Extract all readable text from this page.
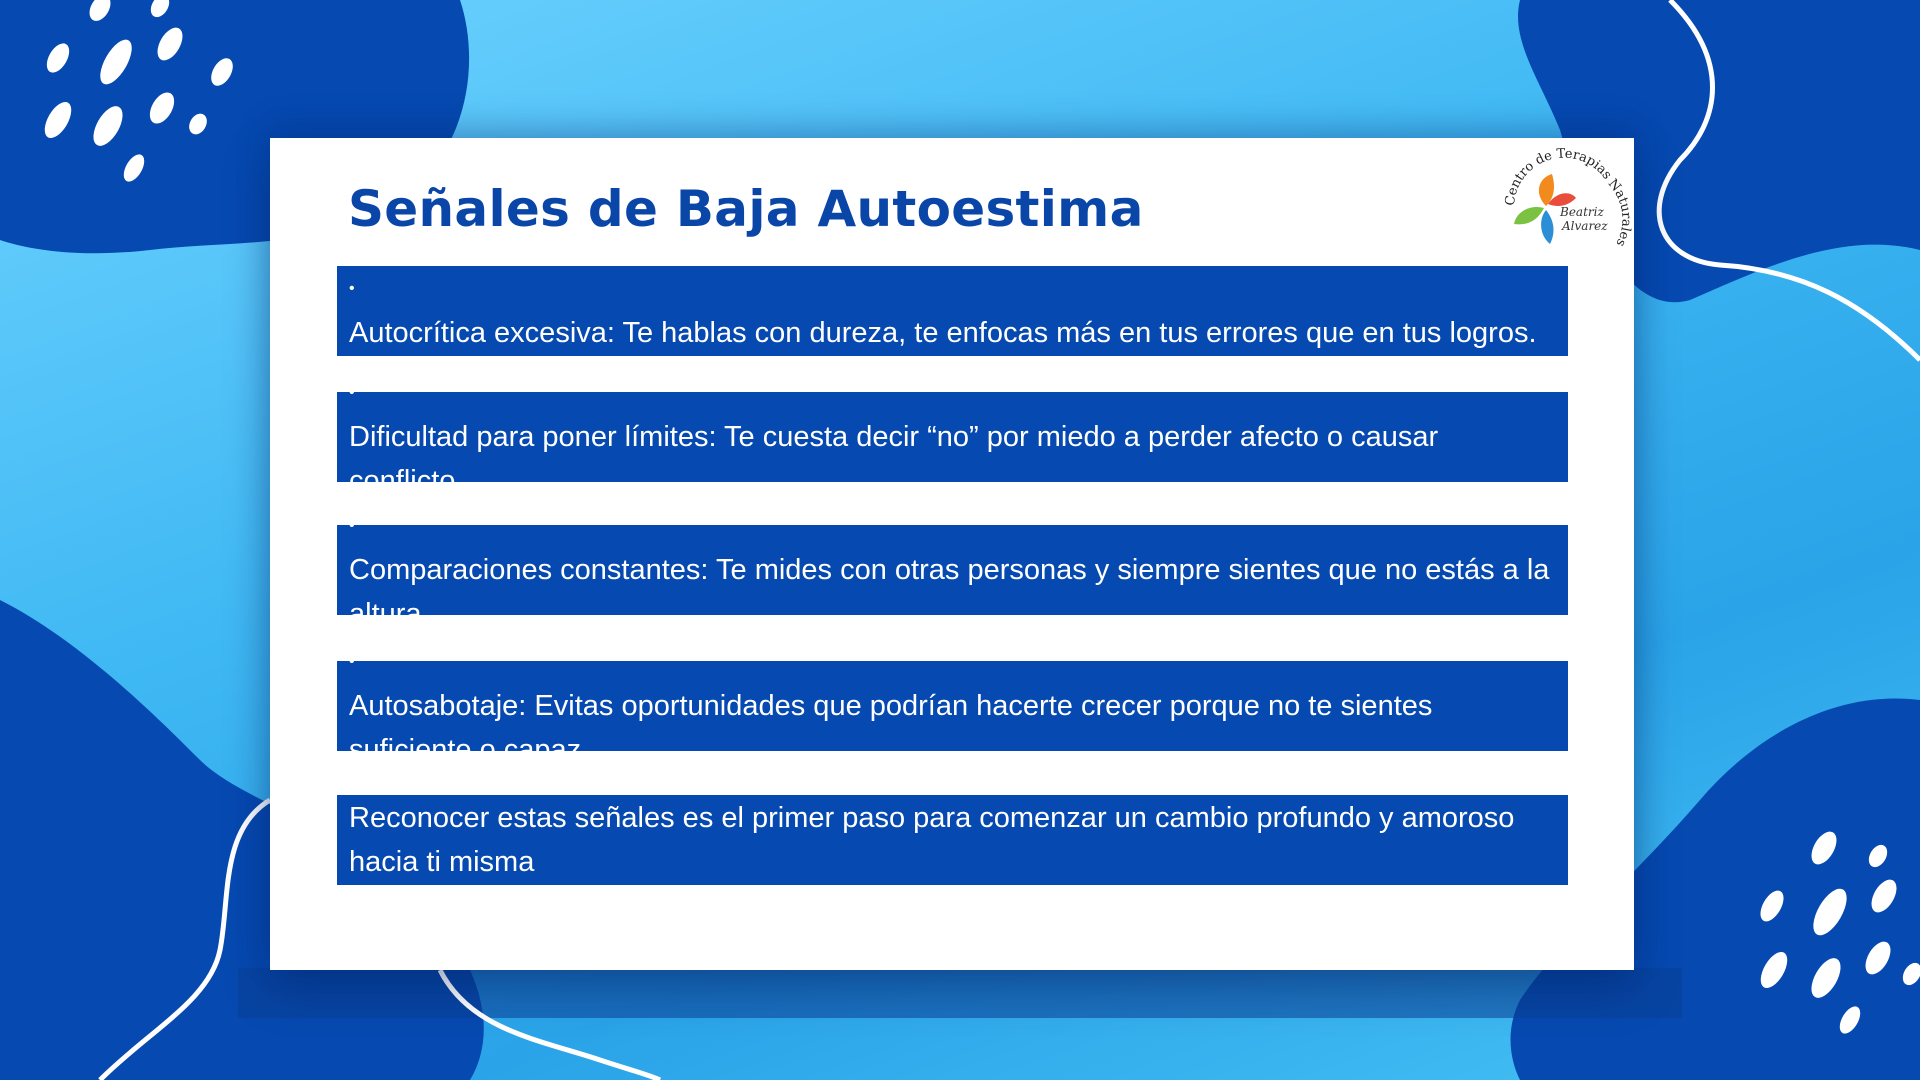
Señales de Baja Autoestima	Centro de Terapias Naturales
Beatriz
Alvarez
•
Autocrítica excesiva: Te hablas con dureza, te enfocas más en tus errores que en tus logros.
•
Dificultad para poner límites: Te cuesta decir “no” por miedo a perder afecto o causar conflicto.
•
Comparaciones constantes: Te mides con otras personas y siempre sientes que no estás a la altura.
•
Autosabotaje: Evitas oportunidades que podrían hacerte crecer porque no te sientes suficiente o capaz.
Reconocer estas señales es el primer paso para comenzar un cambio profundo y amoroso hacia ti misma
